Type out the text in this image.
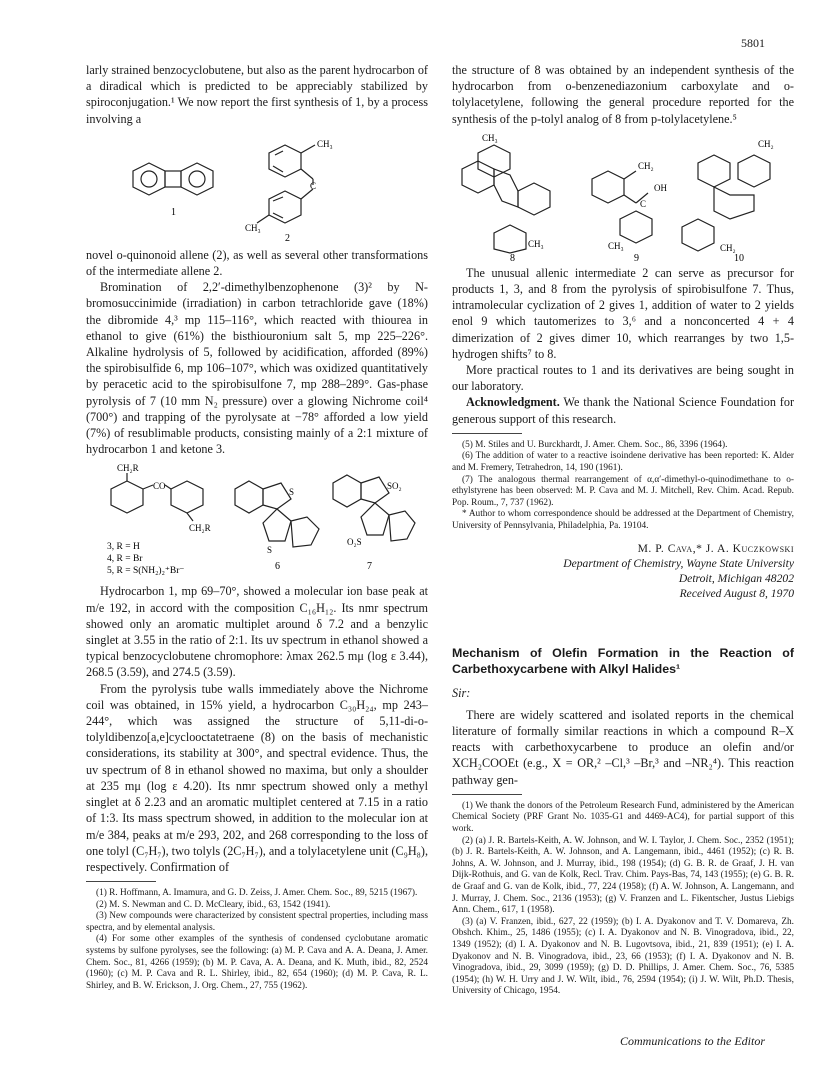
5801

larly strained benzocyclobutene, but also as the parent hydrocarbon of a diradical which is predicted to be appreciably stabilized by spiroconjugation.¹ We now report the first synthesis of 1, by a process involving a

CH₃
C
CH₃
1
2

novel o-quinonoid allene (2), as well as several other transformations of the intermediate allene 2.

Bromination of 2,2′-dimethylbenzophenone (3)² by N-bromosuccinimide (irradiation) in carbon tetrachloride gave (18%) the dibromide 4,³ mp 115–116°, which reacted with thiourea in ethanol to give (61%) the bisthiouronium salt 5, mp 225–226°. Alkaline hydrolysis of 5, followed by acidification, afforded (89%) the spirobisulfide 6, mp 106–107°, which was oxidized quantitatively by peracetic acid to the spirobisulfone 7, mp 288–289°. Gas-phase pyrolysis of 7 (10 mm N₂ pressure) over a glowing Nichrome coil⁴ (700°) and trapping of the pyrolysate at −78° afforded a low yield (7%) of resublimable products, consisting mainly of a 2:1 mixture of hydrocarbon 1 and ketone 3.

CH₂R
CO
CH₂R
S
S
SO₂
O₂S
3, R = H
4, R = Br
5, R = S(NH₂)₂⁺Br⁻	6	7

Hydrocarbon 1, mp 69–70°, showed a molecular ion base peak at m/e 192, in accord with the composition C₁₆H₁₂. Its nmr spectrum showed only an aromatic multiplet around δ 7.2 and a benzylic singlet at 3.55 in the ratio of 2:1. Its uv spectrum in ethanol showed a typical benzocyclobutene chromophore: λmax 262.5 mμ (log ε 3.44), 268.5 (3.59), and 274.5 (3.59).

From the pyrolysis tube walls immediately above the Nichrome coil was obtained, in 15% yield, a hydrocarbon C₃₀H₂₄, mp 243–244°, which was assigned the structure of 5,11-di-o-tolyldibenzo[a,e]cyclooctatetraene (8) on the basis of mechanistic considerations, its stability at 300°, and spectral evidence. Thus, the uv spectrum of 8 in ethanol showed no maxima, but only a shoulder at 235 mμ (log ε 4.20). Its nmr spectrum showed only a methyl singlet at δ 2.23 and an aromatic multiplet centered at 7.15 in a ratio of 1:3. Its mass spectrum showed, in addition to the molecular ion at m/e 384, peaks at m/e 293, 202, and 268 corresponding to the loss of one tolyl (C₇H₇), two tolyls (2C₇H₇), and a tolylacetylene unit (C₉H₈), respectively. Confirmation of

(1) R. Hoffmann, A. Imamura, and G. D. Zeiss, J. Amer. Chem. Soc., 89, 5215 (1967).

(2) M. S. Newman and C. D. McCleary, ibid., 63, 1542 (1941).

(3) New compounds were characterized by consistent spectral properties, including mass spectra, and by elemental analysis.

(4) For some other examples of the synthesis of condensed cyclobutane aromatic systems by sulfone pyrolyses, see the following: (a) M. P. Cava and A. A. Deana, J. Amer. Chem. Soc., 81, 4266 (1959); (b) M. P. Cava, A. A. Deana, and K. Muth, ibid., 82, 2524 (1960); (c) M. P. Cava and R. L. Shirley, ibid., 82, 654 (1960); (d) M. P. Cava, R. L. Shirley, and B. W. Erickson, J. Org. Chem., 27, 755 (1962).

the structure of 8 was obtained by an independent synthesis of the hydrocarbon from o-benzenediazonium carboxylate and o-tolylacetylene, following the general procedure reported for the synthesis of the p-tolyl analog of 8 from p-tolylacetylene.⁵

CH₃
CH₃
CH₂
OH
C
CH₃
CH₂
CH₂
8	9	10

The unusual allenic intermediate 2 can serve as precursor for products 1, 3, and 8 from the pyrolysis of spirobisulfone 7. Thus, intramolecular cyclization of 2 gives 1, addition of water to 2 yields enol 9 which tautomerizes to 3,⁶ and a nonconcerted 4 + 4 dimerization of 2 gives dimer 10, which rearranges by two 1,5-hydrogen shifts⁷ to 8.

More practical routes to 1 and its derivatives are being sought in our laboratory.

Acknowledgment. We thank the National Science Foundation for generous support of this research.

(5) M. Stiles and U. Burckhardt, J. Amer. Chem. Soc., 86, 3396 (1964).

(6) The addition of water to a reactive isoindene derivative has been reported: K. Alder and M. Fremery, Tetrahedron, 14, 190 (1961).

(7) The analogous thermal rearrangement of α,α′-dimethyl-o-quinodimethane to o-ethylstyrene has been observed: M. P. Cava and M. J. Mitchell, Rev. Chim. Acad. Repub. Pop. Roum., 7, 737 (1962).

* Author to whom correspondence should be addressed at the Department of Chemistry, University of Pennsylvania, Philadelphia, Pa. 19104.

M. P. Cava,* J. A. Kuczkowski
Department of Chemistry, Wayne State University
Detroit, Michigan 48202
Received August 8, 1970
Mechanism of Olefin Formation in the Reaction of Carbethoxycarbene with Alkyl Halides¹
Sir:

There are widely scattered and isolated reports in the chemical literature of formally similar reactions in which a compound R–X reacts with carbethoxycarbene to produce an olefin and/or XCH₂COOEt (e.g., X = OR,² –Cl,³ –Br,³ and –NR₂⁴). This reaction pathway gen-

(1) We thank the donors of the Petroleum Research Fund, administered by the American Chemical Society (PRF Grant No. 1035-G1 and 4469-AC4), for partial support of this work.

(2) (a) J. R. Bartels-Keith, A. W. Johnson, and W. I. Taylor, J. Chem. Soc., 2352 (1951); (b) J. R. Bartels-Keith, A. W. Johnson, and A. Langemann, ibid., 4461 (1952); (c) R. B. Johns, A. W. Johnson, and J. Murray, ibid., 198 (1954); (d) G. B. R. de Graaf, J. H. van Dijk-Rothuis, and G. van de Kolk, Recl. Trav. Chim. Pays-Bas, 74, 143 (1955); (e) G. B. R. de Graaf and G. van de Kolk, ibid., 77, 224 (1958); (f) A. W. Johnson, A. Langemann, and J. Murray, J. Chem. Soc., 2136 (1953); (g) V. Franzen and L. Fikentscher, Justus Liebigs Ann. Chem., 617, 1 (1958).

(3) (a) V. Franzen, ibid., 627, 22 (1959); (b) I. A. Dyakonov and T. V. Domareva, Zh. Obshch. Khim., 25, 1486 (1955); (c) I. A. Dyakonov and N. B. Vinogradova, ibid., 22, 1349 (1952); (d) I. A. Dyakonov and N. B. Lugovtsova, ibid., 21, 839 (1951); (e) I. A. Dyakonov and N. B. Vinogradova, ibid., 23, 66 (1953); (f) I. A. Dyakonov and N. B. Vinogradova, ibid., 29, 3099 (1959); (g) D. D. Phillips, J. Amer. Chem. Soc., 76, 5385 (1954); (h) W. H. Urry and J. W. Wilt, ibid., 76, 2594 (1954); (i) J. W. Wilt, Ph.D. Thesis, University of Chicago, 1954.

Communications to the Editor
